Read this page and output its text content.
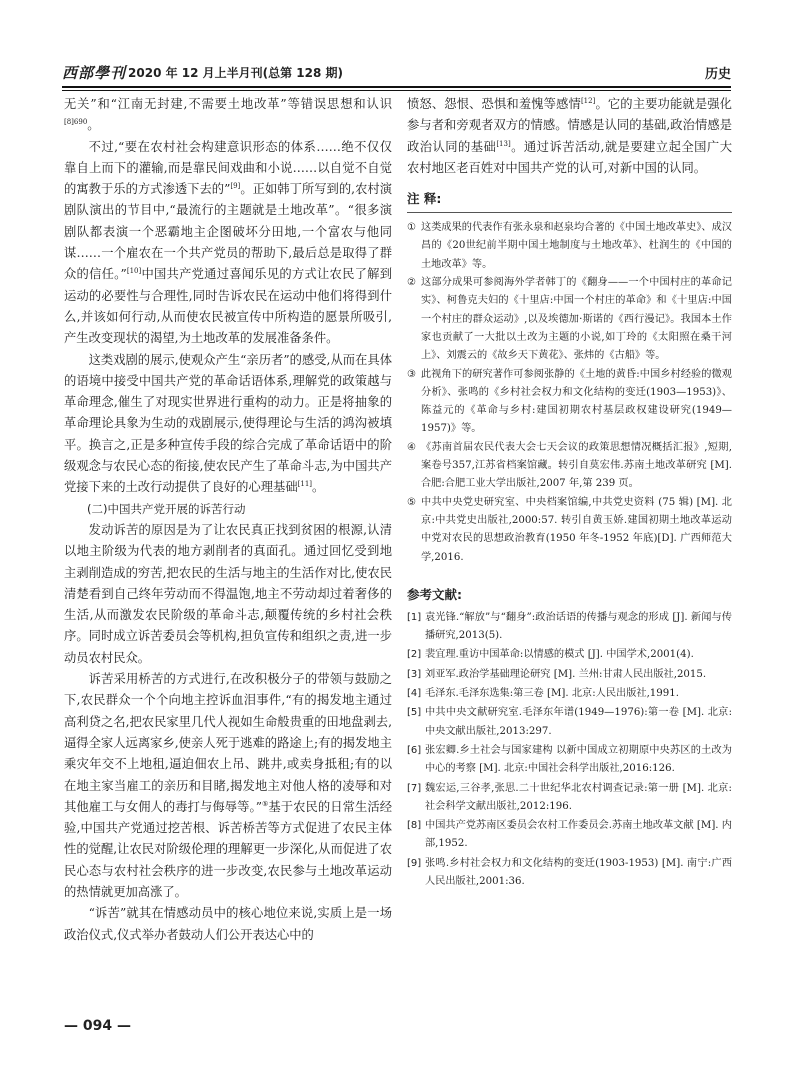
西部學刊 2020 年 12 月上半月刊(总第 128 期)	历史

无关”和“江南无封建,不需要土地改革”等错误思想和认识$^{[8]690}$。

不过,“要在农村社会构建意识形态的体系……绝不仅仅靠自上而下的灌输,而是靠民间戏曲和小说……以自觉不自觉的寓教于乐的方式渗透下去的”[9]。正如韩丁所写到的,农村演剧队演出的节目中,“最流行的主题就是土地改革”。“很多演剧队都表演一个恶霸地主企图破坏分田地,一个富农与他同谋……一个雇农在一个共产党员的帮助下,最后总是取得了群众的信任。”[10]中国共产党通过喜闻乐见的方式让农民了解到运动的必要性与合理性,同时告诉农民在运动中他们将得到什么,并该如何行动,从而使农民被宣传中所构造的愿景所吸引,产生改变现状的渴望,为土地改革的发展准备条件。

这类戏剧的展示,使观众产生“亲历者”的感受,从而在具体的语境中接受中国共产党的革命话语体系,理解党的政策越与革命理念,催生了对现实世界进行重构的动力。正是将抽象的革命理论具象为生动的戏剧展示,使得理论与生活的鸿沟被填平。换言之,正是多种宣传手段的综合完成了革命话语中的阶级观念与农民心态的衔接,使农民产生了革命斗志,为中国共产党接下来的土改行动提供了良好的心理基础[11]。

(二)中国共产党开展的诉苦行动

发动诉苦的原因是为了让农民真正找到贫困的根源,认清以地主阶级为代表的地方剥削者的真面孔。通过回忆受到地主剥削造成的穷苦,把农民的生活与地主的生活作对比,使农民清楚看到自己终年劳动而不得温饱,地主不劳动却过着奢侈的生活,从而激发农民阶级的革命斗志,颠覆传统的乡村社会秩序。同时成立诉苦委员会等机构,担负宣传和组织之责,进一步动员农村民众。

诉苦采用桥苦的方式进行,在改积极分子的带领与鼓励之下,农民群众一个个向地主控诉血泪事件,“有的揭发地主通过高利贷之名,把农民家里几代人视如生命般贵重的田地盘剥去,逼得全家人远离家乡,使亲人死于逃难的路途上;有的揭发地主乘灾年交不上地租,逼迫佃农上吊、跳井,或卖身抵租;有的以在地主家当雇工的亲历和目睹,揭发地主对他人格的凌辱和对其他雇工与女佣人的毒打与侮辱等。”⑤基于农民的日常生活经验,中国共产党通过挖苦根、诉苦桥苦等方式促进了农民主体性的觉醒,让农民对阶级伦理的理解更一步深化,从而促进了农民心态与农村社会秩序的进一步改变,农民参与土地改革运动的热情就更加高涨了。

“诉苦”就其在情感动员中的核心地位来说,实质上是一场政治仪式,仪式举办者鼓动人们公开表达心中的

愤怒、怨恨、恐惧和羞愧等感情[12]。它的主要功能就是强化参与者和旁观者双方的情感。情感是认同的基础,政治情感是政治认同的基础[13]。通过诉苦活动,就是要建立起全国广大农村地区老百姓对中国共产党的认可,对新中国的认同。

注 释:

① 这类成果的代表作有张永泉和赵泉均合著的《中国土地改革史》、成汉昌的《20世纪前半期中国土地制度与土地改革》、杜润生的《中国的土地改革》等。
② 这部分成果可参阅海外学者韩丁的《翻身——一个中国村庄的革命记实》、柯鲁克夫妇的《十里店:中国一个村庄的革命》和《十里店:中国一个村庄的群众运动》,以及埃德加·斯诺的《西行漫记》。我国本土作家也贡献了一大批以土改为主题的小说,如丁玲的《太阳照在桑干河上》、刘震云的《故乡天下黄花》、张炜的《古船》等。
③ 此视角下的研究著作可参阅张静的《土地的黄昏:中国乡村经验的微观分析》、张鸣的《乡村社会权力和文化结构的变迁(1903—1953)》、陈益元的《革命与乡村:建国初期农村基层政权建设研究(1949—1957)》等。
④ 《苏南首届农民代表大会七天会议的政策思想情况概括汇报》,短期,案卷号357,江苏省档案馆藏。转引自莫宏伟.苏南土地改革研究 [M]. 合肥:合肥工业大学出版社,2007 年,第 239 页。
⑤ 中共中央党史研究室、中央档案馆编,中共党史资料 (75 辑) [M]. 北京:中共党史出版社,2000:57. 转引自黄玉娇.建国初期土地改革运动中党对农民的思想政治教育(1950 年冬-1952 年底)[D]. 广西师范大学,2016.

参考文献:

[1] 袁光锋.“解放”与“翻身”:政治话语的传播与观念的形成 [J]. 新闻与传播研究,2013(5).
[2] 裴宜理.重访中国革命:以情感的模式 [J]. 中国学术,2001(4).
[3] 刘亚军.政治学基础理论研究 [M]. 兰州:甘肃人民出版社,2015.
[4] 毛泽东.毛泽东选集:第三卷 [M]. 北京:人民出版社,1991.
[5] 中共中央文献研究室.毛泽东年谱(1949—1976):第一卷 [M]. 北京:中央文献出版社,2013:297.
[6] 张宏卿.乡土社会与国家建构 以新中国成立初期原中央苏区的土改为中心的考察 [M]. 北京:中国社会科学出版社,2016:126.
[7] 魏宏运,三谷孝,张思.二十世纪华北农村调查记录:第一册 [M]. 北京:社会科学文献出版社,2012:196.
[8] 中国共产党苏南区委员会农村工作委员会.苏南土地改革文献 [M]. 内部,1952.
[9] 张鸣.乡村社会权力和文化结构的变迁(1903-1953) [M]. 南宁:广西人民出版社,2001:36.
— 094 —
